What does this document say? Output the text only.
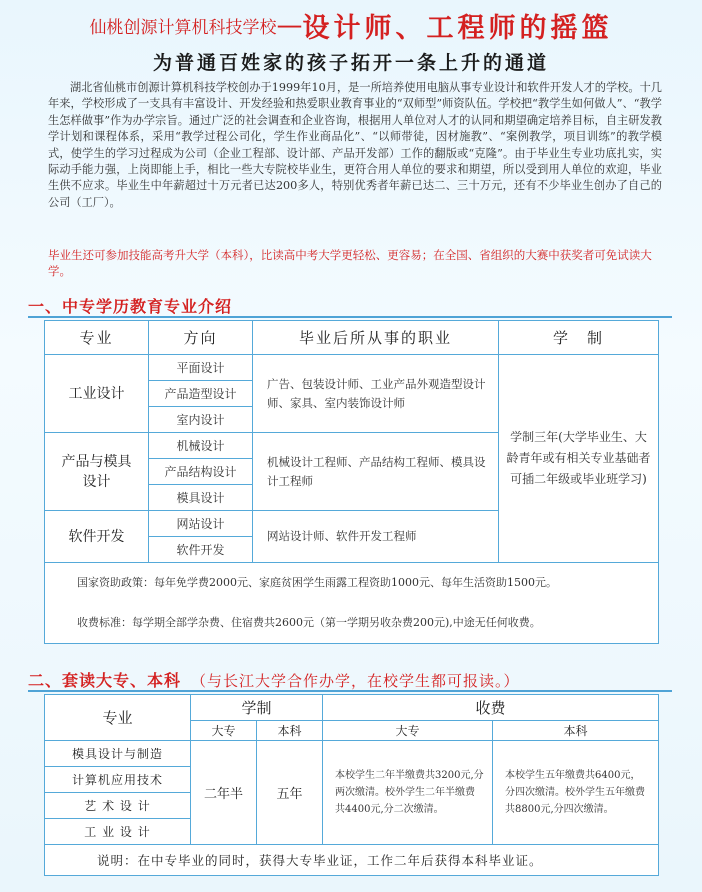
仙桃创源计算机科技学校—设计师、工程师的摇篮
为普通百姓家的孩子拓开一条上升的通道

湖北省仙桃市创源计算机科技学校创办于1999年10月，是一所培养使用电脑从事专业设计和软件开发人才的学校。十几年来，学校形成了一支具有丰富设计、开发经验和热爱职业教育事业的“双师型”师资队伍。学校把“教学生如何做人”、“教学生怎样做事”作为办学宗旨。通过广泛的社会调查和企业咨询，根据用人单位对人才的认同和期望确定培养目标，自主研发教学计划和课程体系，采用“教学过程公司化，学生作业商品化”、“以师带徒，因材施教”、“案例教学，项目训练”的教学模式，使学生的学习过程成为公司（企业工程部、设计部、产品开发部）工作的翻版或“克隆”。由于毕业生专业功底扎实，实际动手能力强，上岗即能上手，相比一些大专院校毕业生，更符合用人单位的要求和期望，所以受到用人单位的欢迎，毕业生供不应求。毕业生中年薪超过十万元者已达200多人，特别优秀者年薪已达二、三十万元，还有不少毕业生创办了自己的公司（工厂）。

毕业生还可参加技能高考升大学（本科），比读高中考大学更轻松、更容易；在全国、省组织的大赛中获奖者可免试读大学。

一、中专学历教育专业介绍
专业	方向	毕业后所从事的职业	学　制
工业设计	平面设计	广告、包装设计师、工业产品外观造型设计师、家具、室内装饰设计师	学制三年(大学毕业生、大龄青年或有相关专业基础者可插二年级或毕业班学习)
	产品造型设计		
	室内设计		

产品与模具设计	机械设计	机械设计工程师、产品结构工程师、模具设计工程师	
	产品结构设计		
	模具设计		
软件开发	网站设计	网站设计师、软件开发工程师	
	软件开发		

国家资助政策：每年免学费2000元、家庭贫困学生雨露工程资助1000元、每年生活资助1500元。
收费标准：每学期全部学杂费、住宿费共2600元（第一学期另收杂费200元),中途无任何收费。			
二、套读大专、本科 （与长江大学合作办学，在校学生都可报读。）
专业	学制		收费	
	大专	本科	大专	本科
模具设计与制造	二年半	五年	本校学生二年半缴费共3200元,分两次缴清。校外学生二年半缴费共4400元,分二次缴清。	本校学生五年缴费共6400元，分四次缴清。校外学生五年缴费共8800元,分四次缴清。
计算机应用技术				
艺 术 设 计				
工 业 设 计				
说明：在中专毕业的同时，获得大专毕业证，工作二年后获得本科毕业证。				
